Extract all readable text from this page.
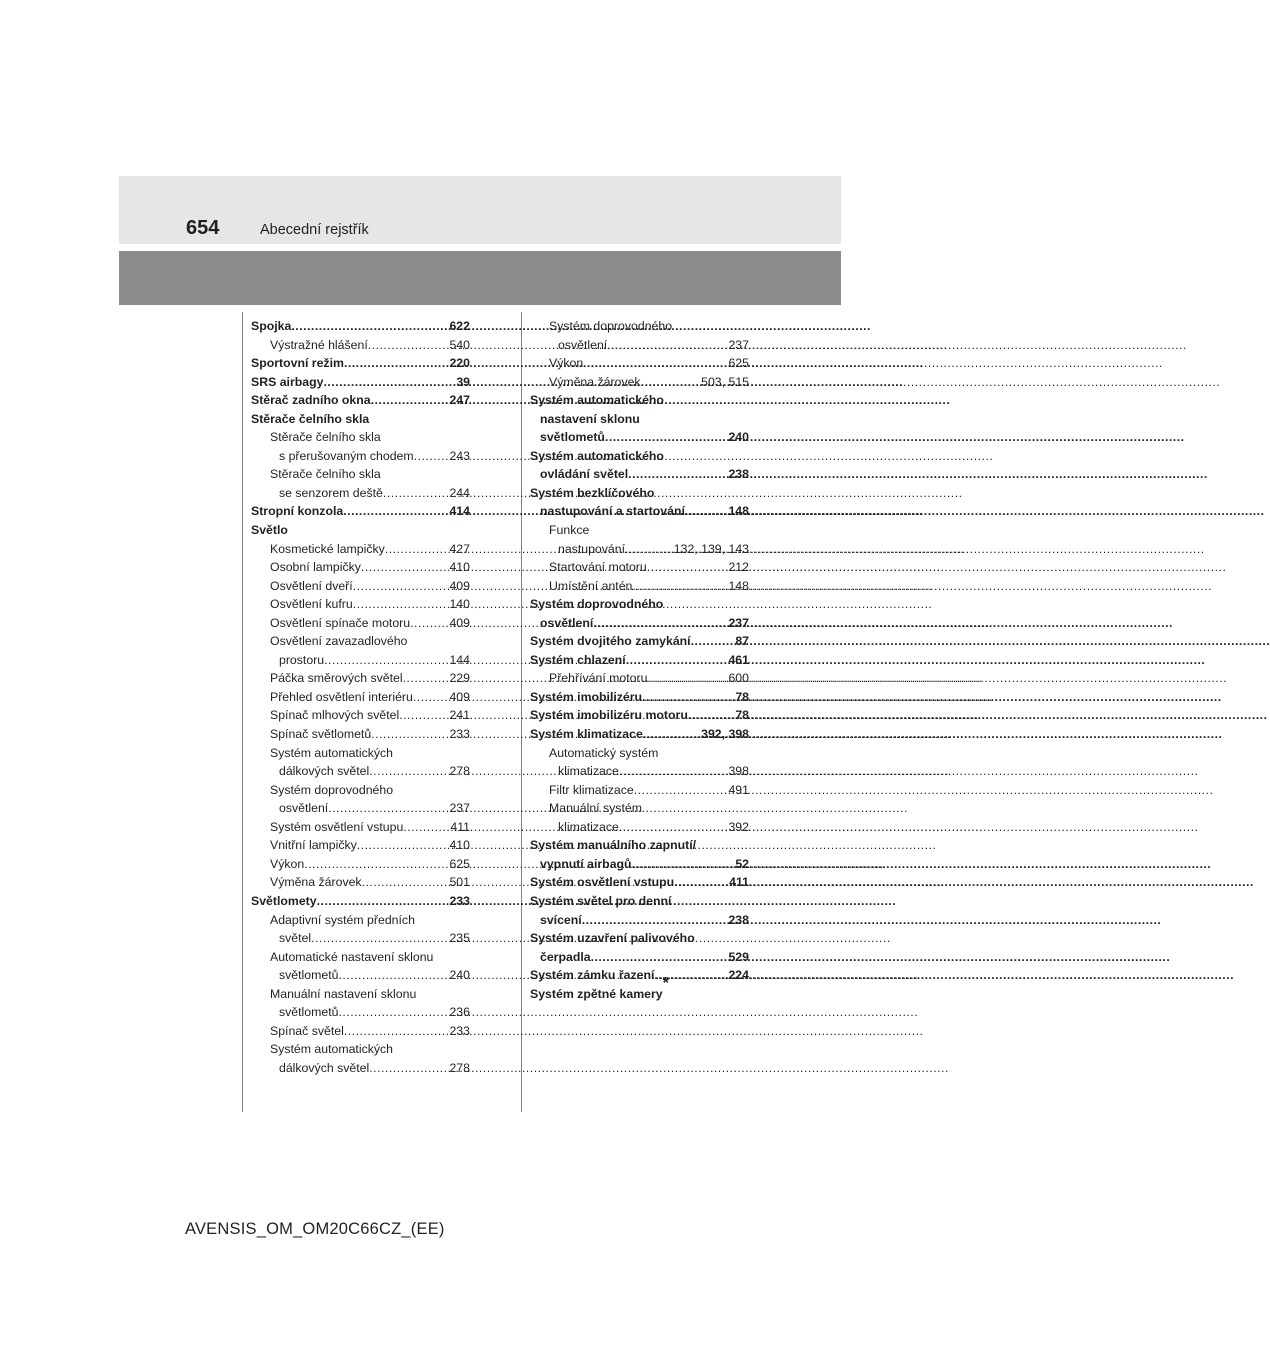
654	Abecední rejstřík
Spojka .....	622
Výstražné hlášení .....	540
Sportovní režim .....	220
SRS airbagy .....	39
Stěrač zadního okna .....	247
Stěrače čelního skla
Stěrače čelního skla
s přerušovaným chodem .....	243
Stěrače čelního skla
se senzorem deště .....	244
Stropní konzola .....	414
Světlo
Kosmetické lampičky .....	427
Osobní lampičky .....	410
Osvětlení dveří .....	409
Osvětlení kufru .....	140
Osvětlení spínače motoru .....	409
Osvětlení zavazadlového
prostoru .....	144
Páčka směrových světel .....	229
Přehled osvětlení interiéru .....	409
Spínač mlhových světel .....	241
Spínač světlometů .....	233
Systém automatických
dálkových světel .....	278
Systém doprovodného
osvětlení .....	237
Systém osvětlení vstupu .....	411
Vnitřní lampičky .....	410
Výkon .....	625
Výměna žárovek .....	501
Světlomety .....	233
Adaptivní systém předních
světel .....	235
Automatické nastavení sklonu
světlometů .....	240
Manuální nastavení sklonu
světlometů .....	236
Spínač světel .....	233
Systém automatických
dálkových světel .....	278
Systém doprovodného
osvětlení .....	237
Výkon .....	625
Výměna žárovek .....	503, 515
Systém automatického
nastavení sklonu
světlometů .....	240
Systém automatického
ovládání světel .....	238
Systém bezklíčového
nastupování a startování .....	148
Funkce
nastupování .....	132, 139, 143
Startování motoru .....	212
Umístění antén .....	148
Systém doprovodného
osvětlení .....	237
Systém dvojitého zamykání .....	87
Systém chlazení .....	461
Přehřívání motoru .....	600
Systém imobilizéru .....	78
Systém imobilizéru motoru .....	78
Systém klimatizace .....	392, 398
Automatický systém
klimatizace .....	398
Filtr klimatizace .....	491
Manuální systém
klimatizace .....	392
Systém manuálního zapnutí/
vypnutí airbagů .....	52
Systém osvětlení vstupu .....	411
Systém světel pro denní
svícení .....	238
Systém uzavření palivového
čerpadla .....	529
Systém zámku řazení .....	224
Systém zpětné kamery
*
AVENSIS_OM_OM20C66CZ_(EE)
